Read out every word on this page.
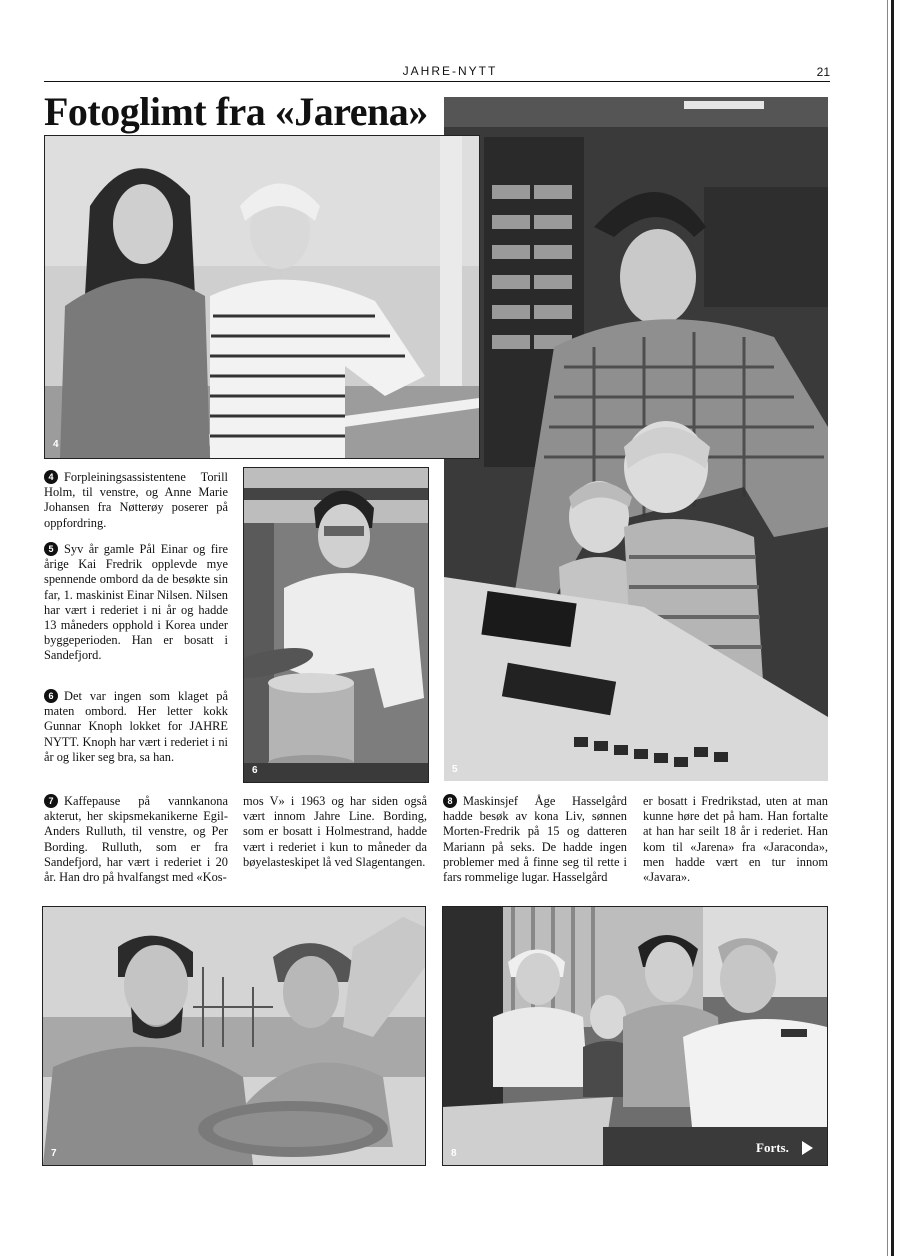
JAHRE-NYTT	21
Fotoglimt fra «Jarena»
5
4
6

4 Forpleiningsassistentene Torill Holm, til venstre, og Anne Marie Johansen fra Nøtterøy poserer på oppfordring.

5 Syv år gamle Pål Einar og fire årige Kai Fredrik opplevde mye spennende ombord da de besøkte sin far, 1. maskinist Einar Nilsen. Nilsen har vært i rederiet i ni år og hadde 13 måneders opphold i Korea under byggeperioden. Han er bosatt i Sandefjord.

6 Det var ingen som klaget på maten ombord. Her letter kokk Gunnar Knoph lokket for JAHRE NYTT. Knoph har vært i rederiet i ni år og liker seg bra, sa han.

7 Kaffepause på vannkanona akterut, her skipsmekanikerne Egil-Anders Rulluth, til venstre, og Per Bording. Rulluth, som er fra Sandefjord, har vært i rederiet i 20 år. Han dro på hvalfangst med «Kos-

mos V» i 1963 og har siden også vært innom Jahre Line. Bording, som er bosatt i Holmestrand, hadde vært i rederiet i kun to måneder da bøyelasteskipet lå ved Slagentangen.

8 Maskinsjef Åge Hasselgård hadde besøk av kona Liv, sønnen Morten-Fredrik på 15 og datteren Mariann på seks. De hadde ingen problemer med å finne seg til rette i fars rommelige lugar. Hasselgård

er bosatt i Fredrikstad, uten at man kunne høre det på ham. Han fortalte at han har seilt 18 år i rederiet. Han kom til «Jarena» fra «Jaraconda», men hadde vært en tur innom «Javara».

7	8	Forts.
